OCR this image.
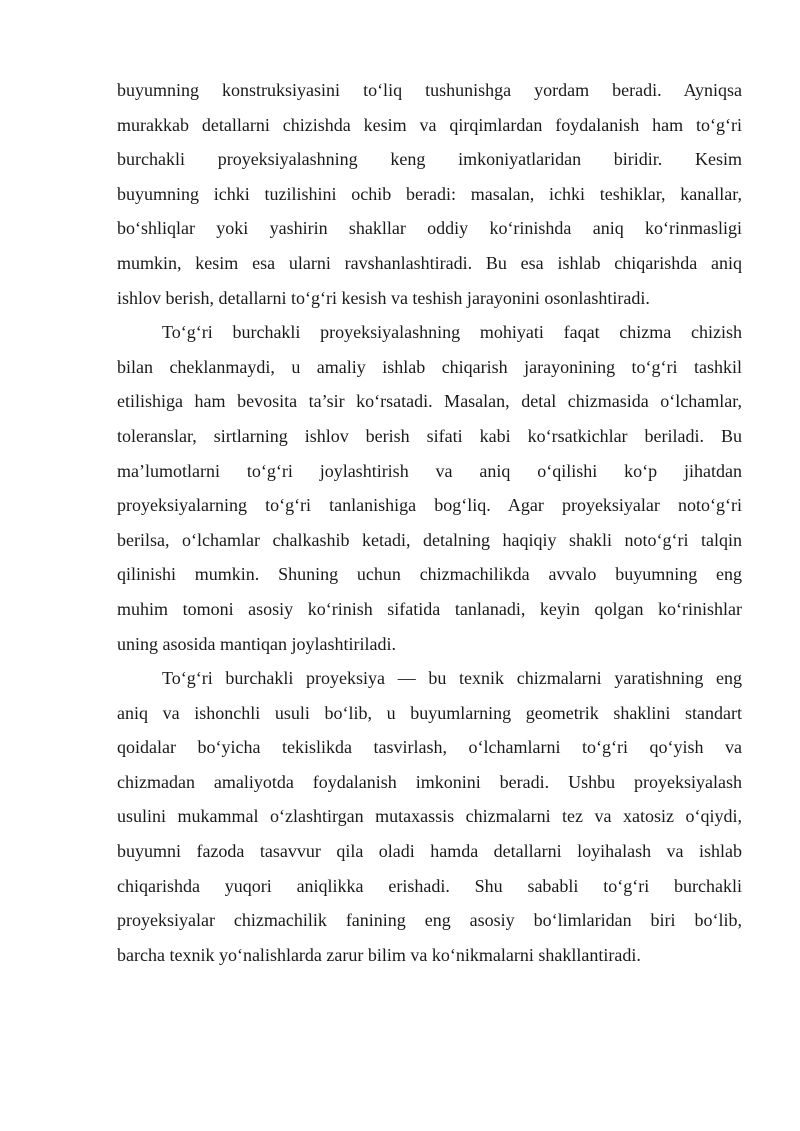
buyumning konstruksiyasini to‘liq tushunishga yordam beradi. Ayniqsa
murakkab detallarni chizishda kesim va qirqimlardan foydalanish ham to‘g‘ri
burchakli proyeksiyalashning keng imkoniyatlaridan biridir. Kesim
buyumning ichki tuzilishini ochib beradi: masalan, ichki teshiklar, kanallar,
bo‘shliqlar yoki yashirin shakllar oddiy ko‘rinishda aniq ko‘rinmasligi
mumkin, kesim esa ularni ravshanlashtiradi. Bu esa ishlab chiqarishda aniq
ishlov berish, detallarni to‘g‘ri kesish va teshish jarayonini osonlashtiradi.
To‘g‘ri burchakli proyeksiyalashning mohiyati faqat chizma chizish
bilan cheklanmaydi, u amaliy ishlab chiqarish jarayonining to‘g‘ri tashkil
etilishiga ham bevosita ta’sir ko‘rsatadi. Masalan, detal chizmasida o‘lchamlar,
toleranslar, sirtlarning ishlov berish sifati kabi ko‘rsatkichlar beriladi. Bu
ma’lumotlarni to‘g‘ri joylashtirish va aniq o‘qilishi ko‘p jihatdan
proyeksiyalarning to‘g‘ri tanlanishiga bog‘liq. Agar proyeksiyalar noto‘g‘ri
berilsa, o‘lchamlar chalkashib ketadi, detalning haqiqiy shakli noto‘g‘ri talqin
qilinishi mumkin. Shuning uchun chizmachilikda avvalo buyumning eng
muhim tomoni asosiy ko‘rinish sifatida tanlanadi, keyin qolgan ko‘rinishlar
uning asosida mantiqan joylashtiriladi.
To‘g‘ri burchakli proyeksiya — bu texnik chizmalarni yaratishning eng
aniq va ishonchli usuli bo‘lib, u buyumlarning geometrik shaklini standart
qoidalar bo‘yicha tekislikda tasvirlash, o‘lchamlarni to‘g‘ri qo‘yish va
chizmadan amaliyotda foydalanish imkonini beradi. Ushbu proyeksiyalash
usulini mukammal o‘zlashtirgan mutaxassis chizmalarni tez va xatosiz o‘qiydi,
buyumni fazoda tasavvur qila oladi hamda detallarni loyihalash va ishlab
chiqarishda yuqori aniqlikka erishadi. Shu sababli to‘g‘ri burchakli
proyeksiyalar chizmachilik fanining eng asosiy bo‘limlaridan biri bo‘lib,
barcha texnik yo‘nalishlarda zarur bilim va ko‘nikmalarni shakllantiradi.
